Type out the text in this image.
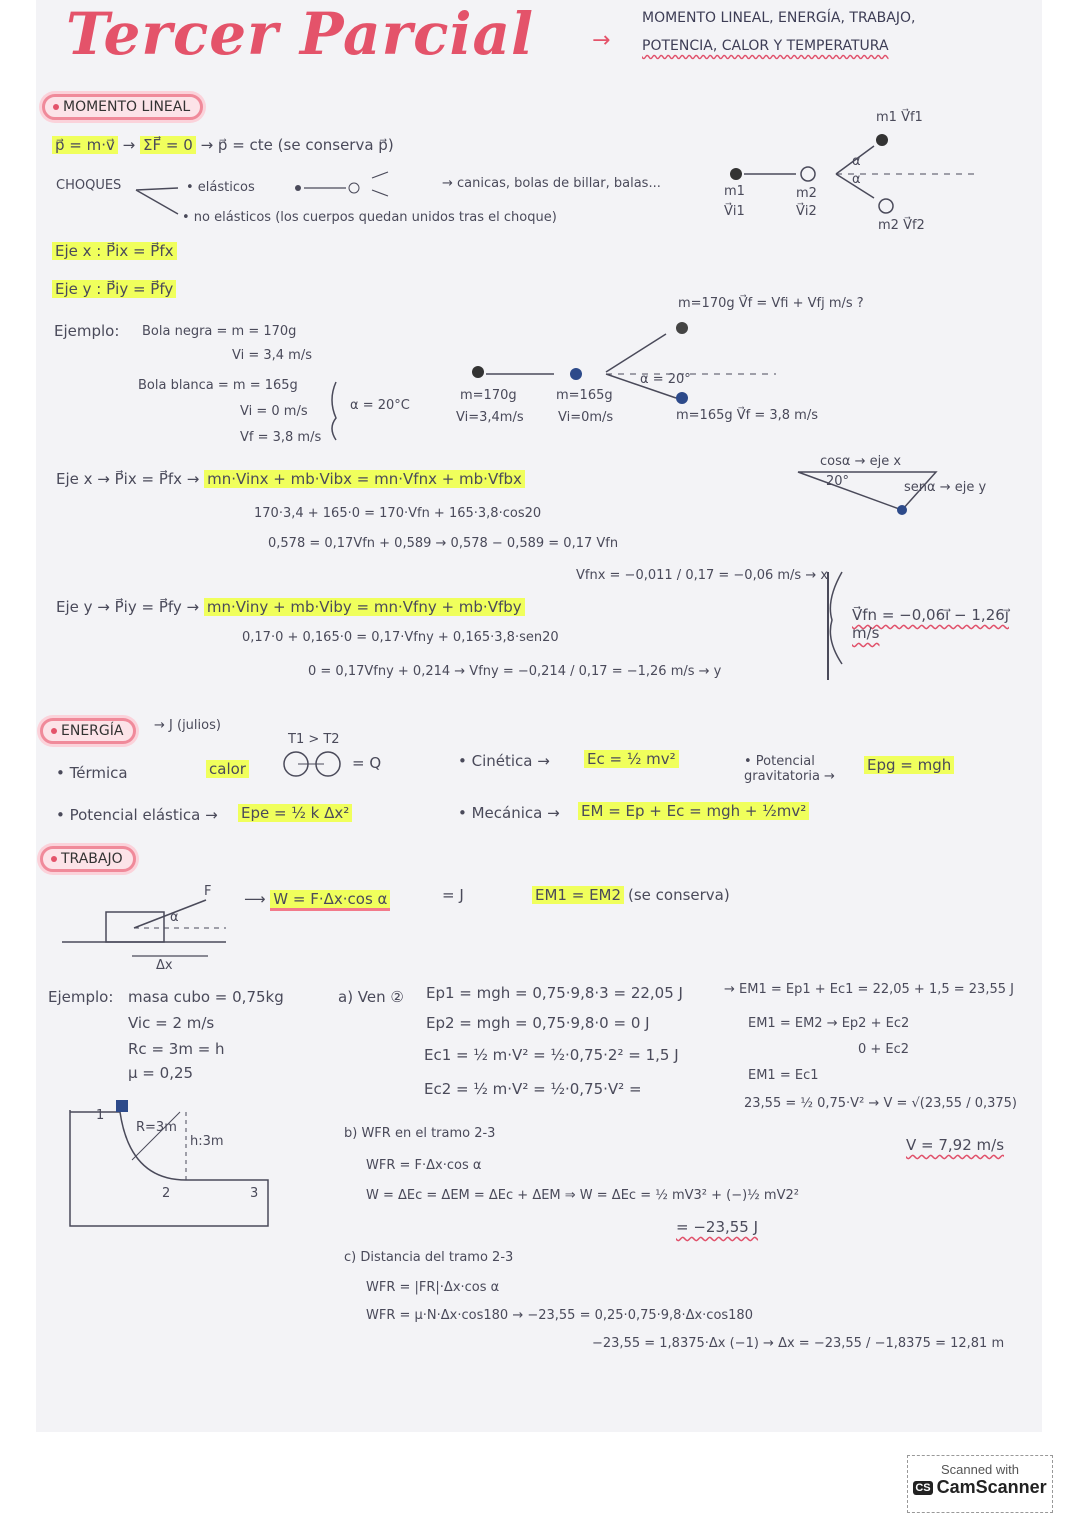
Tercer Parcial	→
MOMENTO LINEAL, ENERGÍA, TRABAJO,
POTENCIA, CALOR Y TEMPERATURA
MOMENTO LINEAL
p⃗ = m·v⃗ → ΣF⃗ = 0 → p⃗ = cte (se conserva p⃗)
CHOQUES	• elásticos	→ canicas, bolas de billar, balas...
• no elásticos (los cuerpos quedan unidos tras el choque)
Eje x : P⃗ix = P⃗fx
Eje y : P⃗iy = P⃗fy
m1
V⃗i1
m2
V⃗i2
m1 V⃗f1
m2 V⃗f2
α
α
Ejemplo: Bola negra = m = 170g
Vi = 3,4 m/s
Bola blanca = m = 165g
Vi = 0 m/s
Vf = 3,8 m/s
α = 20°C
m=170g
Vi=3,4m/s
m=165g
Vi=0m/s
m=170g V⃗f = Vfi + Vfj m/s ?
α = 20°
m=165g V⃗f = 3,8 m/s
cosα → eje x
20°	senα → eje y
Eje x → P⃗ix = P⃗fx → mn·Vinx + mb·Vibx = mn·Vfnx + mb·Vfbx
170·3,4 + 165·0 = 170·Vfn + 165·3,8·cos20
0,578 = 0,17Vfn + 0,589 → 0,578 − 0,589 = 0,17 Vfn
Vfnx = −0,011 / 0,17 = −0,06 m/s → x
Eje y → P⃗iy = P⃗fy → mn·Viny + mb·Viby = mn·Vfny + mb·Vfby
0,17·0 + 0,165·0 = 0,17·Vfny + 0,165·3,8·sen20
0 = 0,17Vfny + 0,214 → Vfny = −0,214 / 0,17 = −1,26 m/s → y
V⃗fn = −0,06i⃗ − 1,26j⃗ m/s
ENERGÍA	→ J (julios)
• Térmica	calor
T1 > T2
= Q	• Cinética → Ec = ½ mv²	• Potencial gravitatoria →
Epg = mgh
• Potencial elástica → Epe = ½ k Δx²	• Mecánica → EM = Ep + Ec = mgh + ½mv²
TRABAJO
F
α
Δx
⟶ W = F·Δx·cos α	= J	EM1 = EM2 (se conserva)
Ejemplo: masa cubo = 0,75kg
Vic = 2 m/s
Rc = 3m = h
μ = 0,25
R=3m
h:3m
1
2	3
a) Ven ② Ep1 = mgh = 0,75·9,8·3 = 22,05 J
Ep2 = mgh = 0,75·9,8·0 = 0 J
Ec1 = ½ m·V² = ½·0,75·2² = 1,5 J
Ec2 = ½ m·V² = ½·0,75·V² =
→ EM1 = Ep1 + Ec1 = 22,05 + 1,5 = 23,55 J
EM1 = EM2 → Ep2 + Ec2
0 + Ec2
EM1 = Ec1
23,55 = ½ 0,75·V² → V = √(23,55 / 0,375)
V = 7,92 m/s
b) WFR en el tramo 2-3
WFR = F·Δx·cos α
W = ΔEc = ΔEM = ΔEc + ΔEM ⇒ W = ΔEc = ½ mV3² + (−)½ mV2²
= −23,55 J
c) Distancia del tramo 2-3
WFR = |FR|·Δx·cos α
WFR = μ·N·Δx·cos180 → −23,55 = 0,25·0,75·9,8·Δx·cos180
−23,55 = 1,8375·Δx (−1) → Δx = −23,55 / −1,8375 = 12,81 m
Scanned with
CS CamScanner
